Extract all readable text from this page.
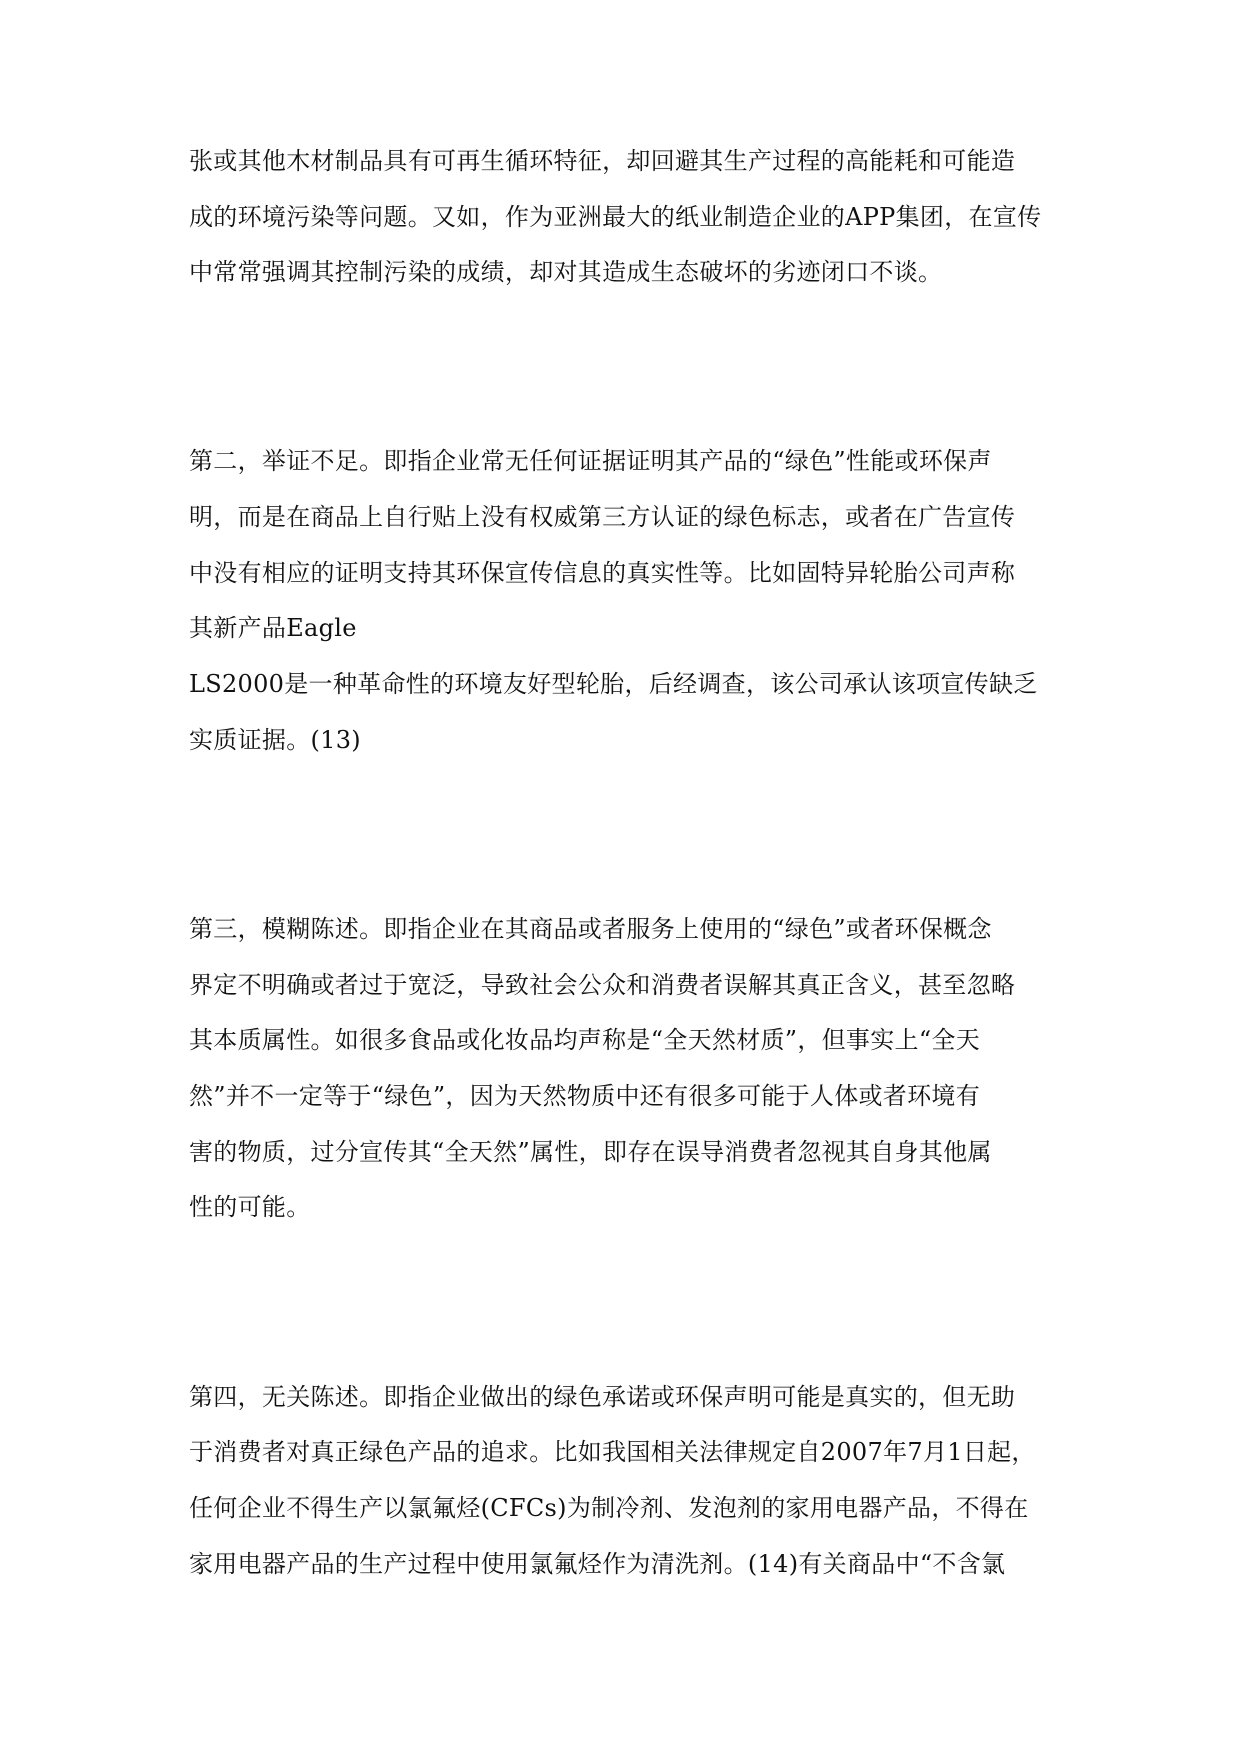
张或其他木材制品具有可再生循环特征，却回避其生产过程的高能耗和可能造
成的环境污染等问题。又如，作为亚洲最大的纸业制造企业的APP集团，在宣传
中常常强调其控制污染的成绩，却对其造成生态破坏的劣迹闭口不谈。
第二，举证不足。即指企业常无任何证据证明其产品的“绿色”性能或环保声
明，而是在商品上自行贴上没有权威第三方认证的绿色标志，或者在广告宣传
中没有相应的证明支持其环保宣传信息的真实性等。比如固特异轮胎公司声称
其新产品Eagle
LS2000是一种革命性的环境友好型轮胎，后经调查，该公司承认该项宣传缺乏
实质证据。(13)
第三，模糊陈述。即指企业在其商品或者服务上使用的“绿色”或者环保概念
界定不明确或者过于宽泛，导致社会公众和消费者误解其真正含义，甚至忽略
其本质属性。如很多食品或化妆品均声称是“全天然材质”，但事实上“全天
然”并不一定等于“绿色”，因为天然物质中还有很多可能于人体或者环境有
害的物质，过分宣传其“全天然”属性，即存在误导消费者忽视其自身其他属
性的可能。
第四，无关陈述。即指企业做出的绿色承诺或环保声明可能是真实的，但无助
于消费者对真正绿色产品的追求。比如我国相关法律规定自2007年7月1日起，
任何企业不得生产以氯氟烃(CFCs)为制冷剂、发泡剂的家用电器产品，不得在
家用电器产品的生产过程中使用氯氟烃作为清洗剂。(14)有关商品中“不含氯
